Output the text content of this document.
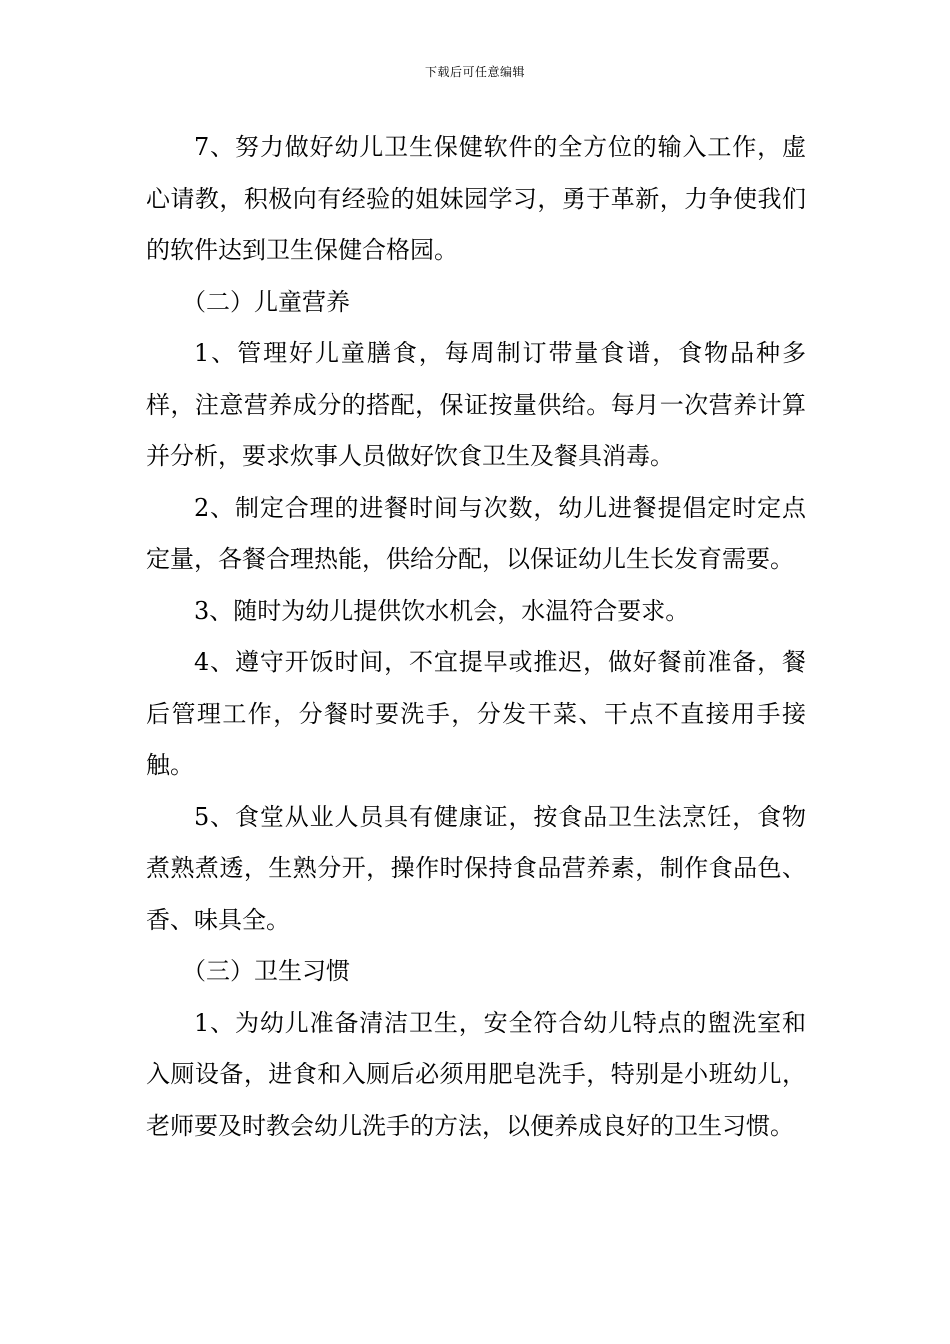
下载后可任意编辑

7、努力做好幼儿卫生保健软件的全方位的输入工作，虚心请教，积极向有经验的姐妹园学习，勇于革新，力争使我们的软件达到卫生保健合格园。

（二）儿童营养

1、管理好儿童膳食，每周制订带量食谱，食物品种多样，注意营养成分的搭配，保证按量供给。每月一次营养计算并分析，要求炊事人员做好饮食卫生及餐具消毒。

2、制定合理的进餐时间与次数，幼儿进餐提倡定时定点定量，各餐合理热能，供给分配，以保证幼儿生长发育需要。

3、随时为幼儿提供饮水机会，水温符合要求。

4、遵守开饭时间，不宜提早或推迟，做好餐前准备，餐后管理工作，分餐时要洗手，分发干菜、干点不直接用手接触。

5、食堂从业人员具有健康证，按食品卫生法烹饪，食物煮熟煮透，生熟分开，操作时保持食品营养素，制作食品色、香、味具全。

（三）卫生习惯

1、为幼儿准备清洁卫生，安全符合幼儿特点的盥洗室和入厕设备，进食和入厕后必须用肥皂洗手，特别是小班幼儿，老师要及时教会幼儿洗手的方法，以便养成良好的卫生习惯。
